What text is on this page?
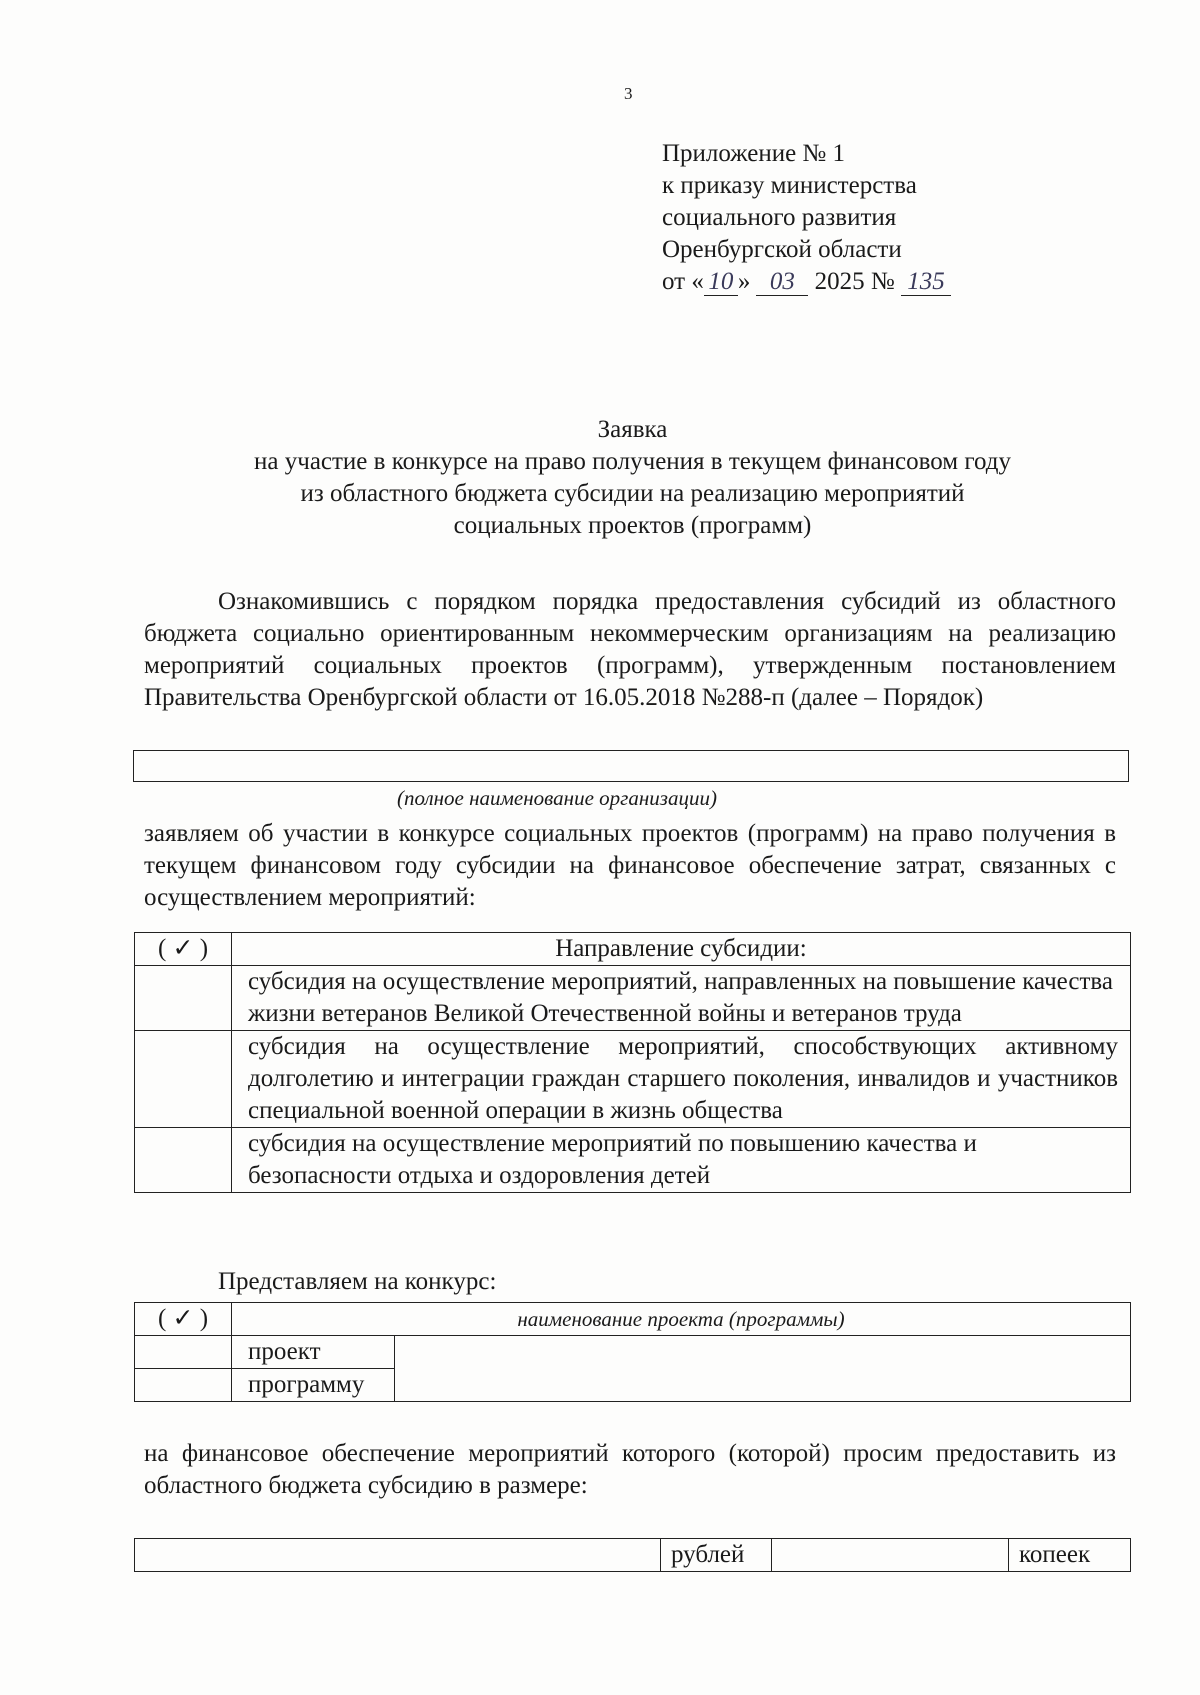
3
Приложение № 1
к приказу министерства
социального развития
Оренбургской области
от « 10 » 03 2025 № 135
Заявка
на участие в конкурсе на право получения в текущем финансовом году
из областного бюджета субсидии на реализацию мероприятий
социальных проектов (программ)
Ознакомившись с порядком порядка предоставления субсидий из областного бюджета социально ориентированным некоммерческим организациям на реализацию мероприятий социальных проектов (программ), утвержденным постановлением Правительства Оренбургской области от 16.05.2018 №288-п (далее – Порядок)
(полное наименование организации)
заявляем об участии в конкурсе социальных проектов (программ) на право получения в текущем финансовом году субсидии на финансовое обеспечение затрат, связанных с осуществлением мероприятий:
( ✓ )	Направление субсидии:
	субсидия на осуществление мероприятий, направленных на повышение качества жизни ветеранов Великой Отечественной войны и ветеранов труда
	субсидия на осуществление мероприятий, способствующих активному долголетию и интеграции граждан старшего поколения, инвалидов и участников специальной военной операции в жизнь общества
	субсидия на осуществление мероприятий по повышению качества и безопасности отдыха и оздоровления детей
Представляем на конкурс:
( ✓ )	наименование проекта (программы)	
	проект	
	программу	
на финансовое обеспечение мероприятий которого (которой) просим предоставить из областного бюджета субсидию в размере:
	рублей		копеек
